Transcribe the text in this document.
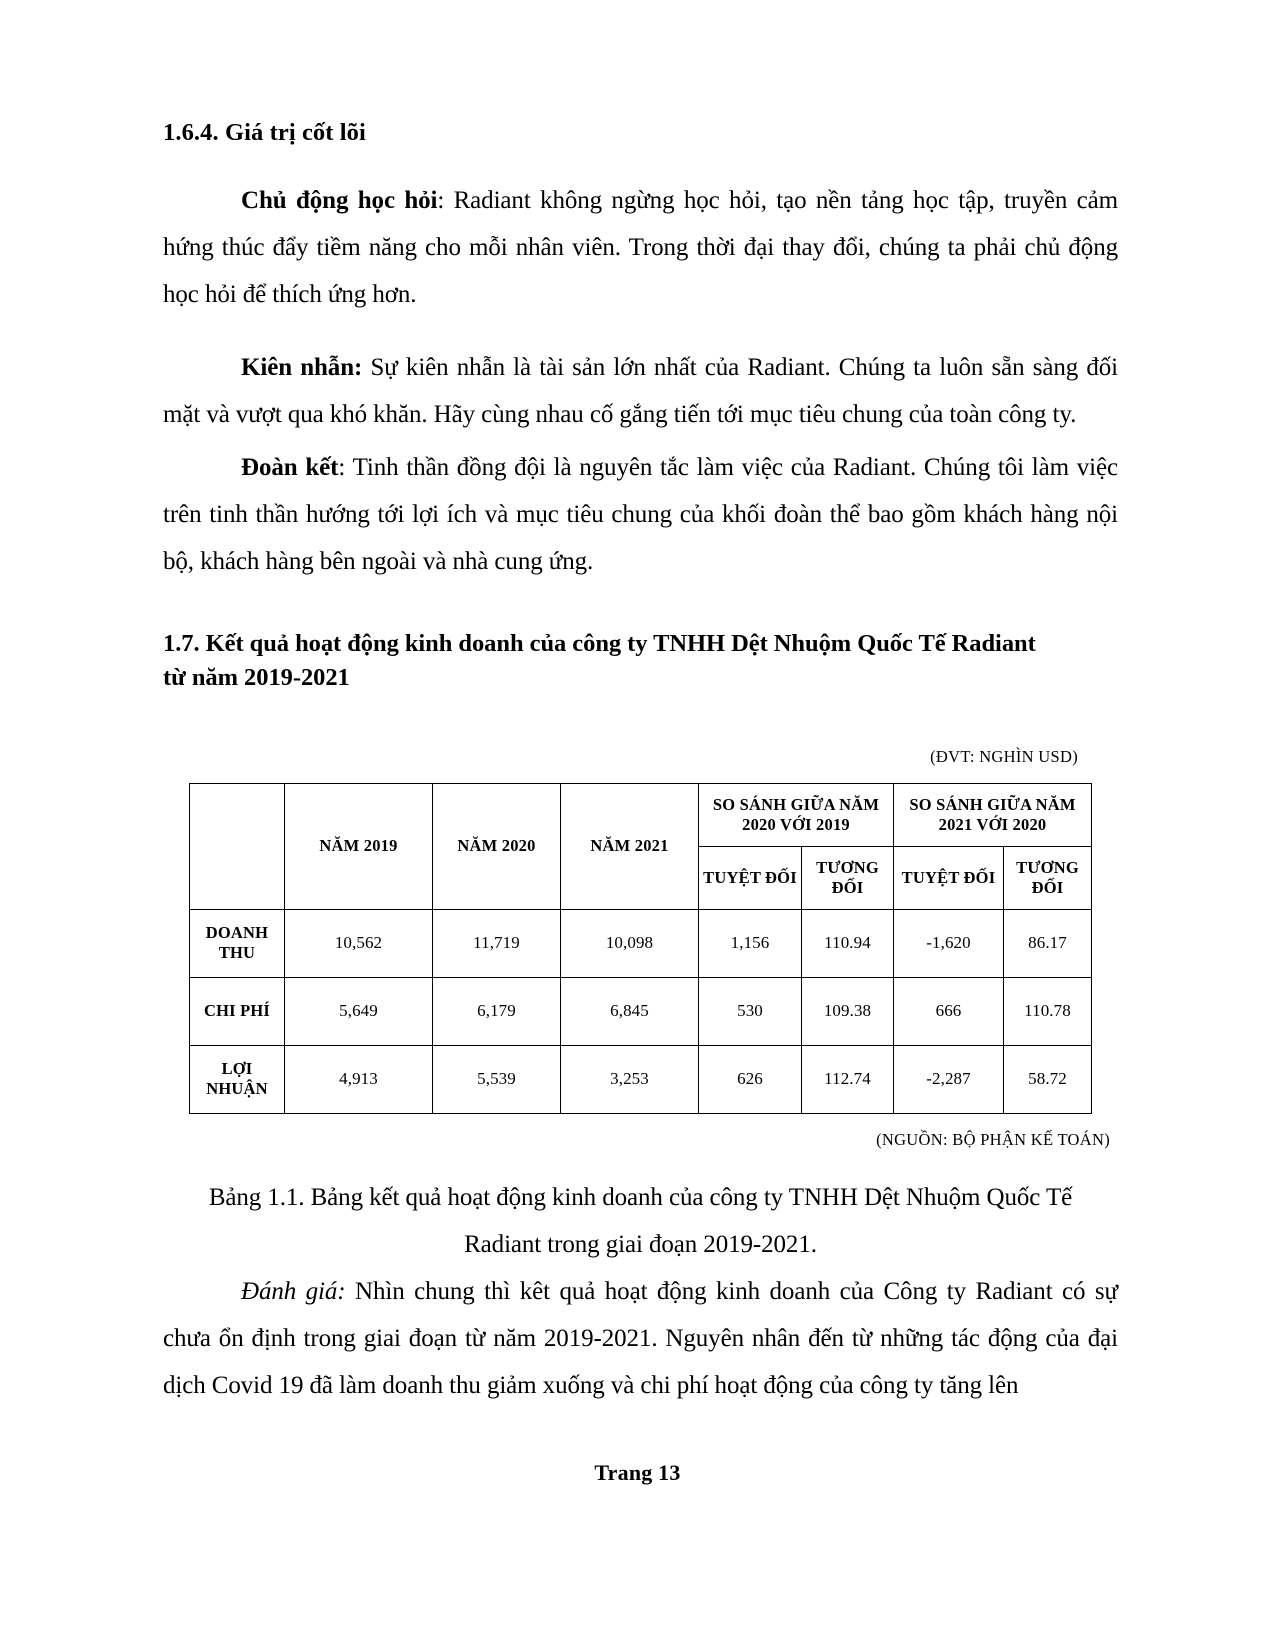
1.6.4. Giá trị cốt lõi

Chủ động học hỏi: Radiant không ngừng học hỏi, tạo nền tảng học tập, truyền cảm hứng thúc đẩy tiềm năng cho mỗi nhân viên. Trong thời đại thay đổi, chúng ta phải chủ động học hỏi để thích ứng hơn.

Kiên nhẫn: Sự kiên nhẫn là tài sản lớn nhất của Radiant. Chúng ta luôn sẵn sàng đối mặt và vượt qua khó khăn. Hãy cùng nhau cố gắng tiến tới mục tiêu chung của toàn công ty.

Đoàn kết: Tinh thần đồng đội là nguyên tắc làm việc của Radiant. Chúng tôi làm việc trên tinh thần hướng tới lợi ích và mục tiêu chung của khối đoàn thể bao gồm khách hàng nội bộ, khách hàng bên ngoài và nhà cung ứng.

1.7. Kết quả hoạt động kinh doanh của công ty TNHH Dệt Nhuộm Quốc Tế Radiant
từ năm 2019-2021
(ĐVT: NGHÌN USD)
	NĂM 2019	NĂM 2020	NĂM 2021	SO SÁNH GIỮA NĂM 2020 VỚI 2019		SO SÁNH GIỮA NĂM 2021 VỚI 2020	
				TUYỆT ĐỐI	TƯƠNG ĐỐI	TUYỆT ĐỐI	TƯƠNG ĐỐI
DOANH THU	10,562	11,719	10,098	1,156	110.94	-1,620	86.17
CHI PHÍ	5,649	6,179	6,845	530	109.38	666	110.78
LỢI NHUẬN	4,913	5,539	3,253	626	112.74	-2,287	58.72
(NGUỒN: BỘ PHẬN KẾ TOÁN)
Bảng 1.1. Bảng kết quả hoạt động kinh doanh của công ty TNHH Dệt Nhuộm Quốc Tế
Radiant trong giai đoạn 2019-2021.

Đánh giá: Nhìn chung thì kêt quả hoạt động kinh doanh của Công ty Radiant có sự chưa ổn định trong giai đoạn từ năm 2019-2021. Nguyên nhân đến từ những tác động của đại dịch Covid 19 đã làm doanh thu giảm xuống và chi phí hoạt động của công ty tăng lên

Trang 13
